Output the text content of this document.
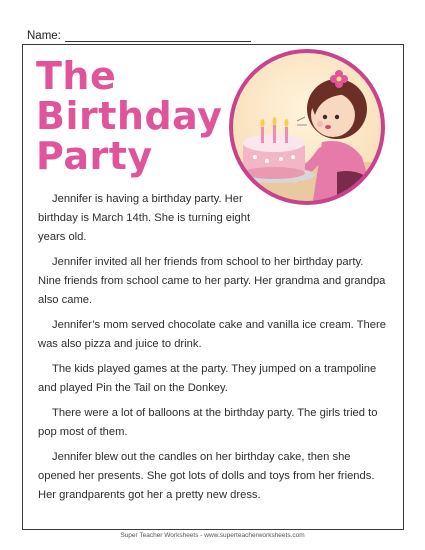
Name:
The
Birthday
Party

Jennifer is having a birthday party. Her birthday is March 14th. She is turning eight years old.

Jennifer invited all her friends from school to her birthday party. Nine friends from school came to her party. Her grandma and grandpa also came.

Jennifer’s mom served chocolate cake and vanilla ice cream. There was also pizza and juice to drink.

The kids played games at the party. They jumped on a trampoline and played Pin the Tail on the Donkey.

There were a lot of balloons at the birthday party. The girls tried to pop most of them.

Jennifer blew out the candles on her birthday cake, then she opened her presents. She got lots of dolls and toys from her friends. Her grandparents got her a pretty new dress.

Super Teacher Worksheets - www.superteacherworksheets.com
